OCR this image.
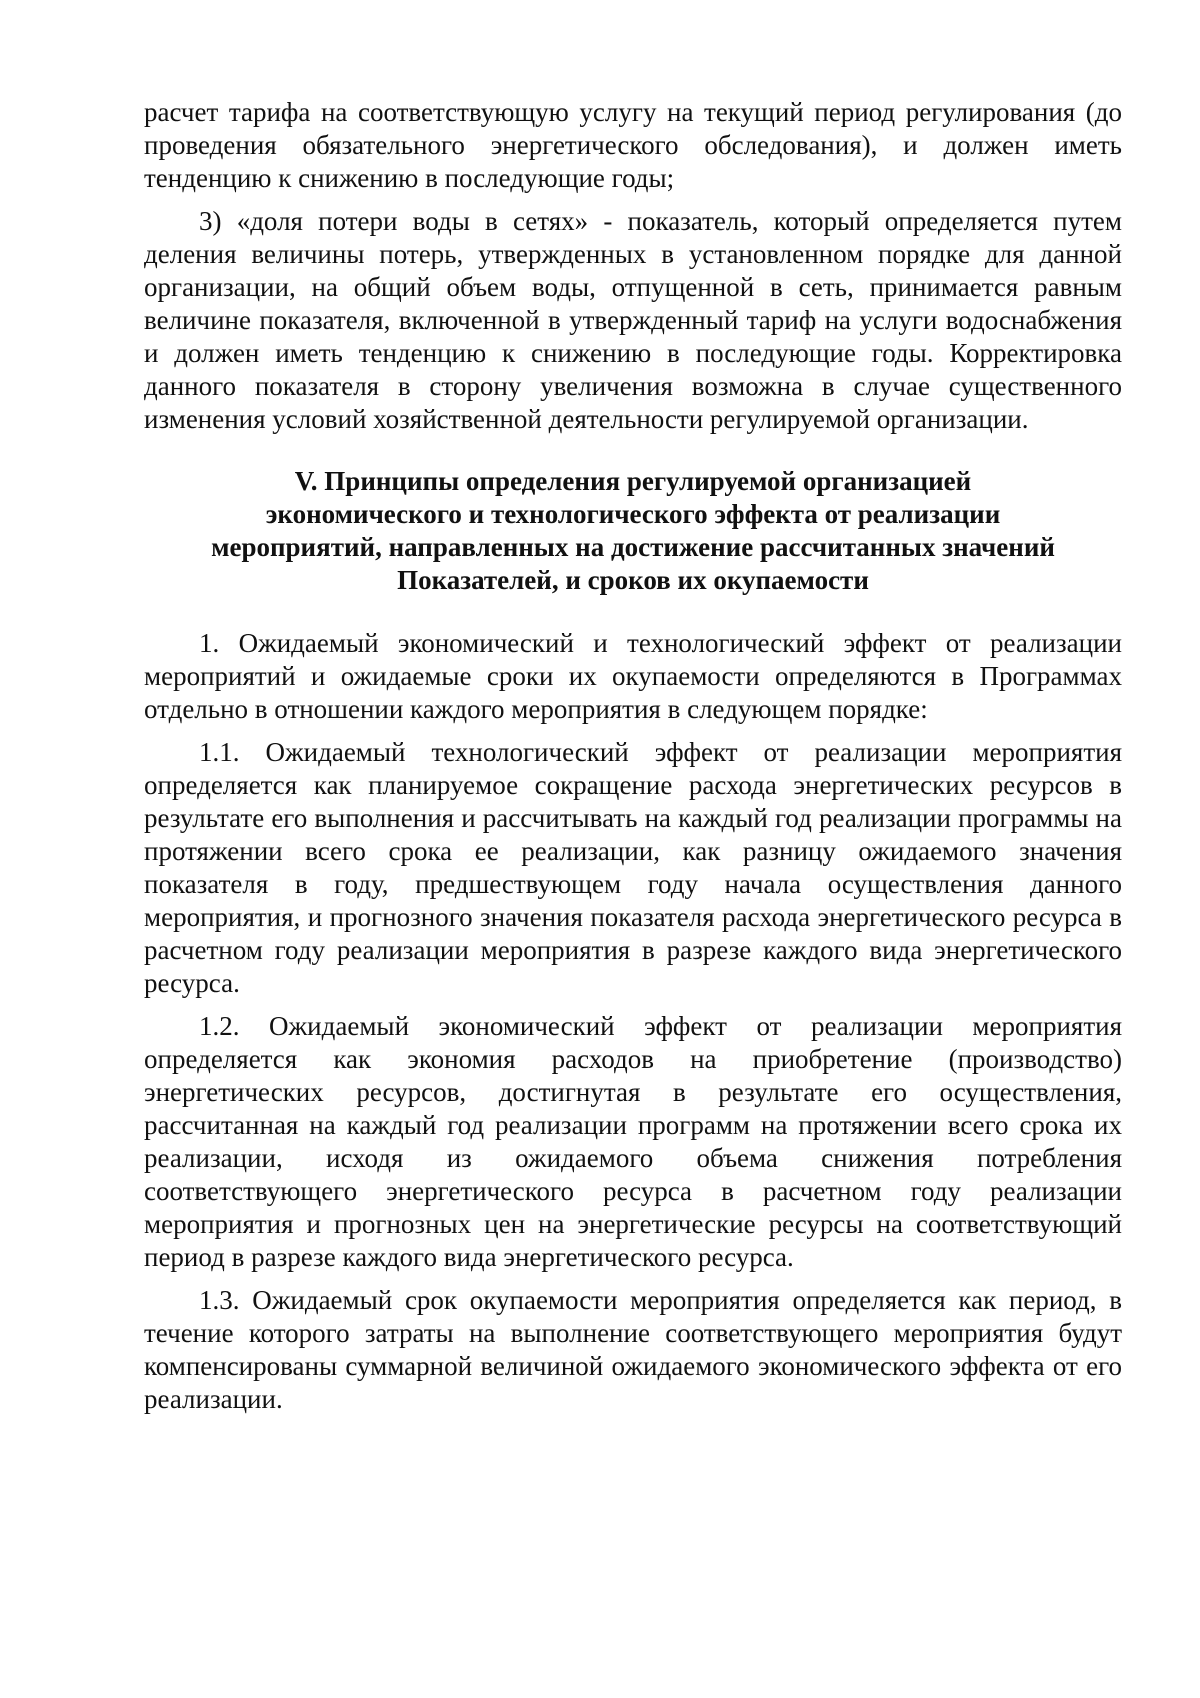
расчет тарифа на соответствующую услугу на текущий период регулирования (до проведения обязательного энергетического обследования), и должен иметь тенденцию к снижению в последующие годы;

3) «доля потери воды в сетях» - показатель, который определяется путем деления величины потерь, утвержденных в установленном порядке для данной организации, на общий объем воды, отпущенной в сеть, принимается равным величине показателя, включенной в утвержденный тариф на услуги водоснабжения и должен иметь тенденцию к снижению в последующие годы. Корректировка данного показателя в сторону увеличения возможна в случае существенного изменения условий хозяйственной деятельности регулируемой организации.

V. Принципы определения регулируемой организацией экономического и технологического эффекта от реализации мероприятий, направленных на достижение рассчитанных значений Показателей, и сроков их окупаемости

1. Ожидаемый экономический и технологический эффект от реализации мероприятий и ожидаемые сроки их окупаемости определяются в Программах отдельно в отношении каждого мероприятия в следующем порядке:

1.1. Ожидаемый технологический эффект от реализации мероприятия определяется как планируемое сокращение расхода энергетических ресурсов в результате его выполнения и рассчитывать на каждый год реализации программы на протяжении всего срока ее реализации, как разницу ожидаемого значения показателя в году, предшествующем году начала осуществления данного мероприятия, и прогнозного значения показателя расхода энергетического ресурса в расчетном году реализации мероприятия в разрезе каждого вида энергетического ресурса.

1.2. Ожидаемый экономический эффект от реализации мероприятия определяется как экономия расходов на приобретение (производство) энергетических ресурсов, достигнутая в результате его осуществления, рассчитанная на каждый год реализации программ на протяжении всего срока их реализации, исходя из ожидаемого объема снижения потребления соответствующего энергетического ресурса в расчетном году реализации мероприятия и прогнозных цен на энергетические ресурсы на соответствующий период в разрезе каждого вида энергетического ресурса.

1.3. Ожидаемый срок окупаемости мероприятия определяется как период, в течение которого затраты на выполнение соответствующего мероприятия будут компенсированы суммарной величиной ожидаемого экономического эффекта от его реализации.
